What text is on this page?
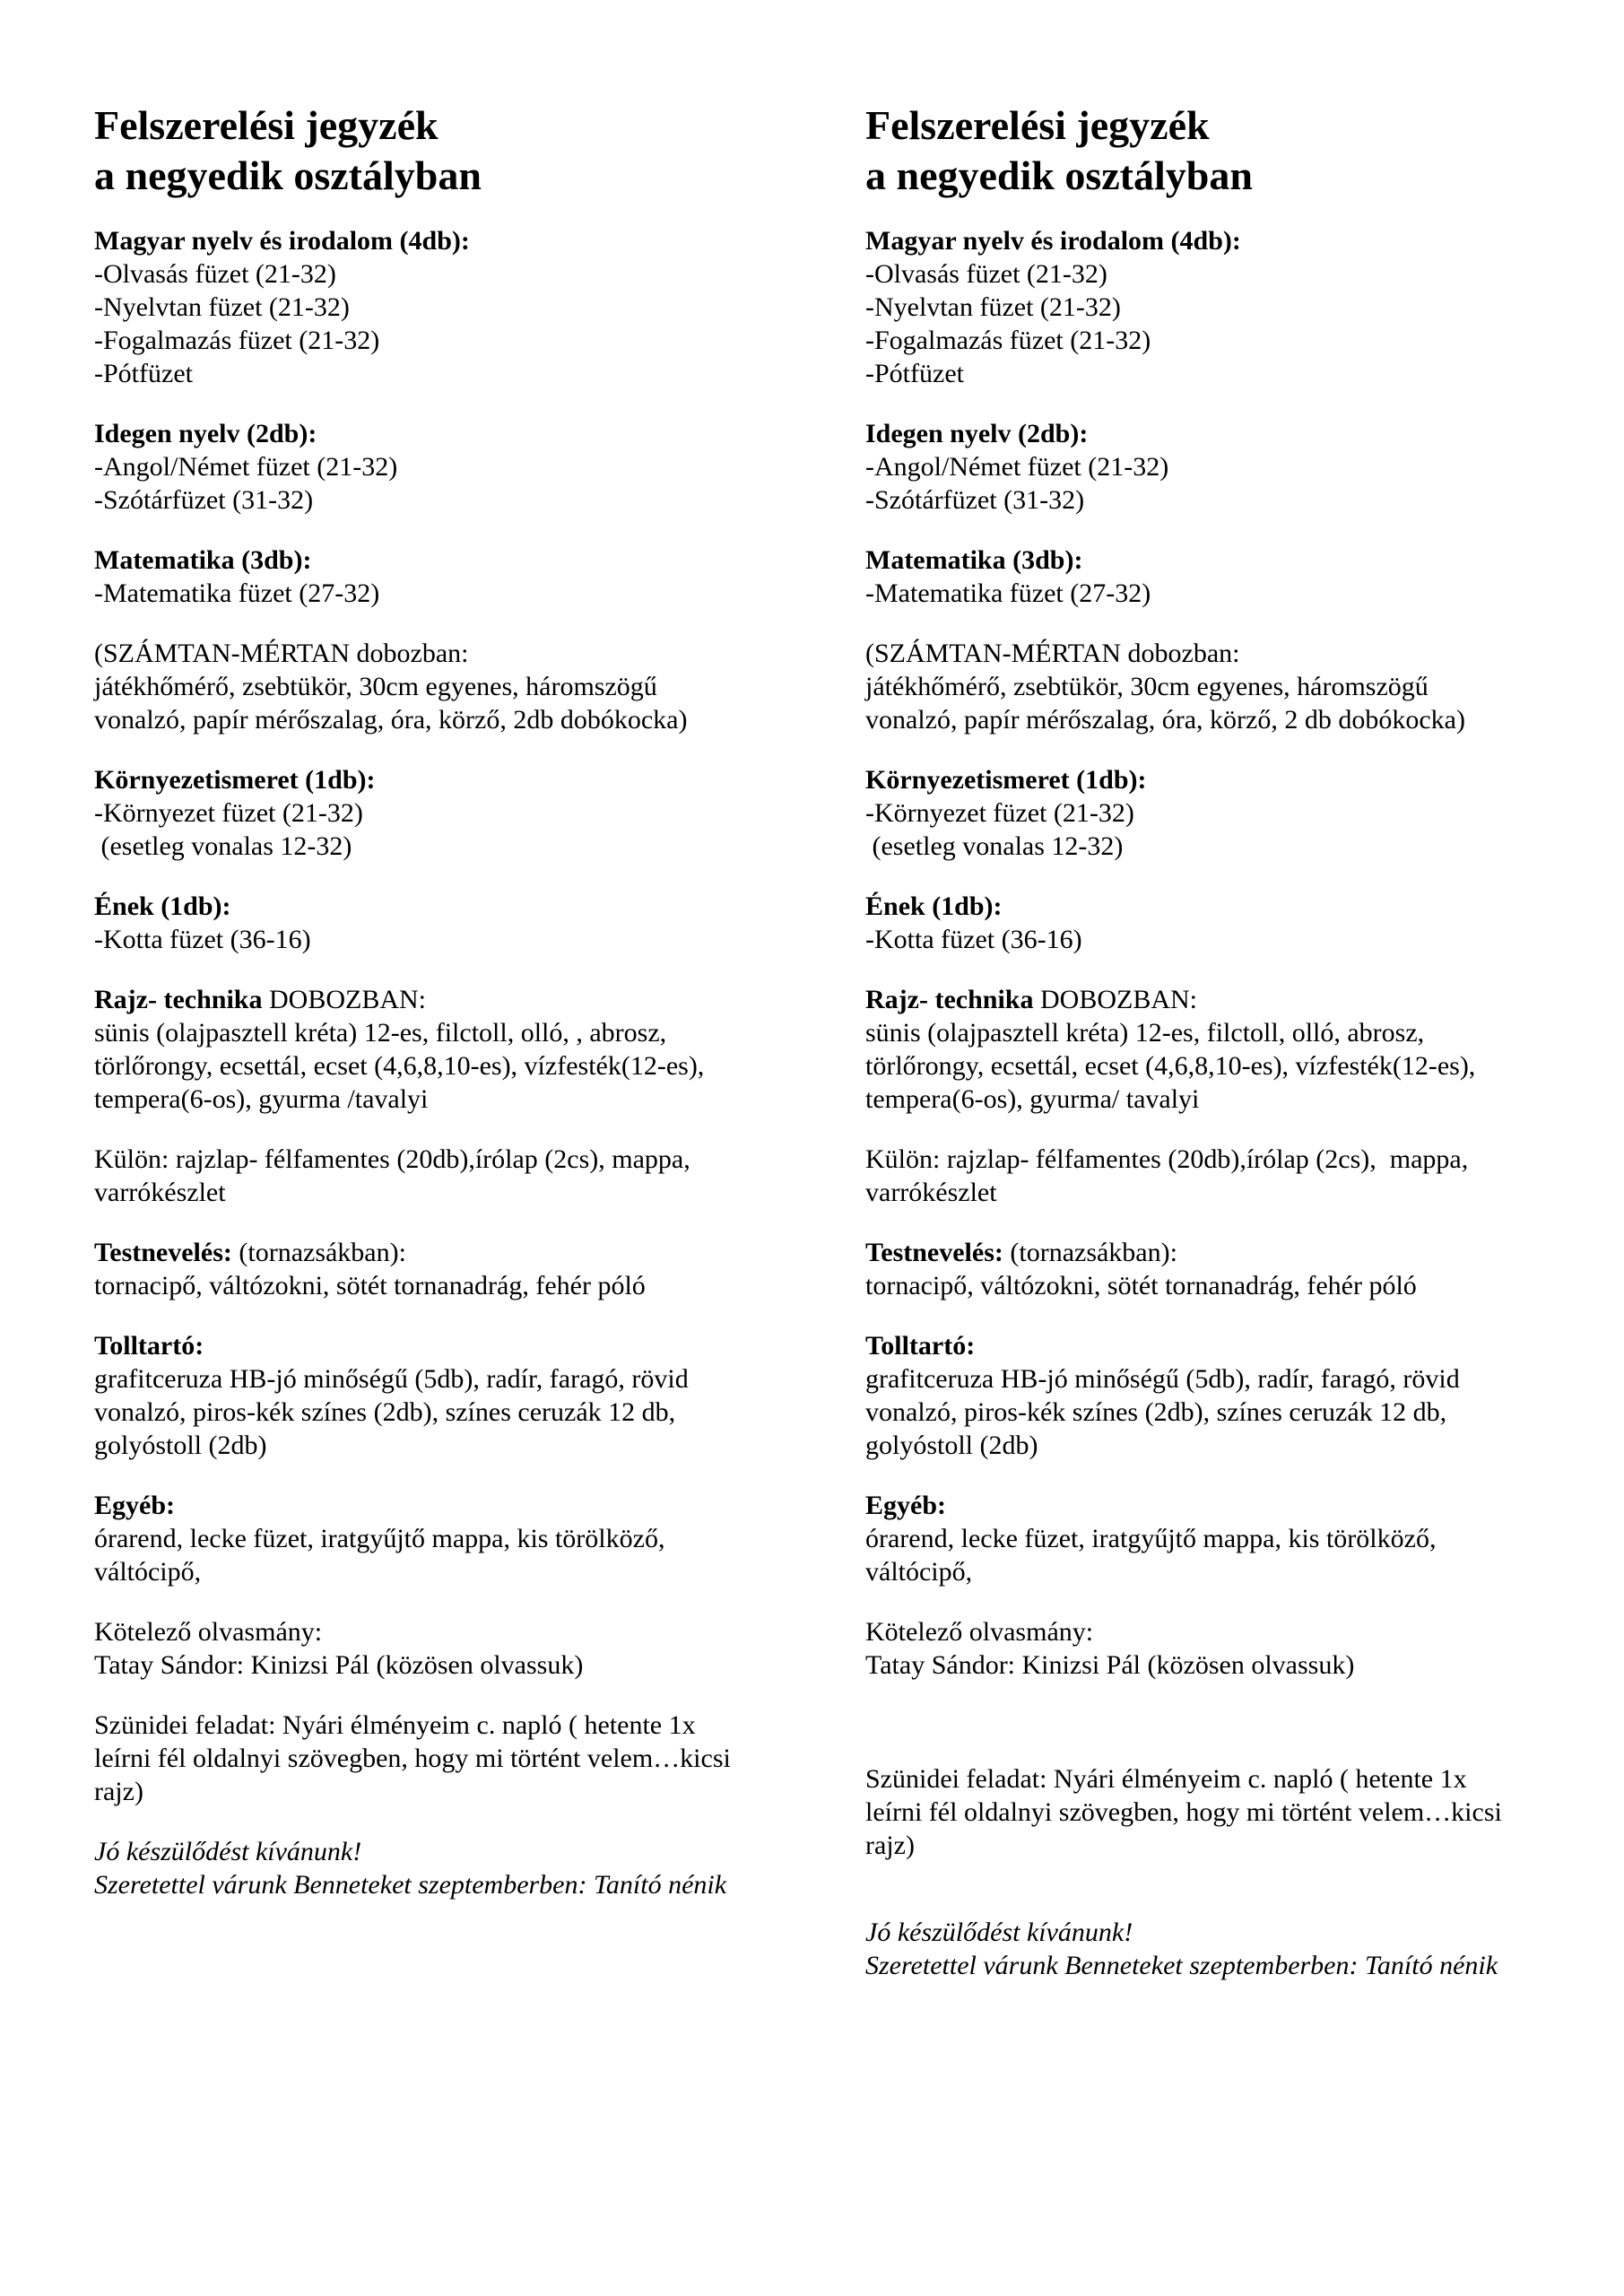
Felszerelési jegyzék
a negyedik osztályban
Magyar nyelv és irodalom (4db):
-Olvasás füzet (21-32)
-Nyelvtan füzet (21-32)
-Fogalmazás füzet (21-32)
-Pótfüzet

Idegen nyelv (2db):
-Angol/Német füzet (21-32)
-Szótárfüzet (31-32)

Matematika (3db):
-Matematika füzet (27-32)

(SZÁMTAN-MÉRTAN dobozban:
játékhőmérő, zsebtükör, 30cm egyenes, háromszögű
vonalzó, papír mérőszalag, óra, körző, 2db dobókocka)

Környezetismeret (1db):
-Környezet füzet (21-32)
(esetleg vonalas 12-32)

Ének (1db):
-Kotta füzet (36-16)

Rajz- technika DOBOZBAN:
sünis (olajpasztell kréta) 12-es, filctoll, olló, , abrosz,
törlőrongy, ecsettál, ecset (4,6,8,10-es), vízfesték(12-es),
tempera(6-os), gyurma /tavalyi

Külön: rajzlap- félfamentes (20db),írólap (2cs), mappa,
varrókészlet

Testnevelés: (tornazsákban):
tornacipő, váltózokni, sötét tornanadrág, fehér póló

Tolltartó:
grafitceruza HB-jó minőségű (5db), radír, faragó, rövid
vonalzó, piros-kék színes (2db), színes ceruzák 12 db,
golyóstoll (2db)

Egyéb:
órarend, lecke füzet, iratgyűjtő mappa, kis törölköző,
váltócipő,

Kötelező olvasmány:
Tatay Sándor: Kinizsi Pál (közösen olvassuk)

Szünidei feladat: Nyári élményeim c. napló ( hetente 1x
leírni fél oldalnyi szövegben, hogy mi történt velem…kicsi
rajz)

Jó készülődést kívánunk!
Szeretettel várunk Benneteket szeptemberben: Tanító nénik
Felszerelési jegyzék
a negyedik osztályban
Magyar nyelv és irodalom (4db):
-Olvasás füzet (21-32)
-Nyelvtan füzet (21-32)
-Fogalmazás füzet (21-32)
-Pótfüzet

Idegen nyelv (2db):
-Angol/Német füzet (21-32)
-Szótárfüzet (31-32)

Matematika (3db):
-Matematika füzet (27-32)

(SZÁMTAN-MÉRTAN dobozban:
játékhőmérő, zsebtükör, 30cm egyenes, háromszögű
vonalzó, papír mérőszalag, óra, körző, 2 db dobókocka)

Környezetismeret (1db):
-Környezet füzet (21-32)
(esetleg vonalas 12-32)

Ének (1db):
-Kotta füzet (36-16)

Rajz- technika DOBOZBAN:
sünis (olajpasztell kréta) 12-es, filctoll, olló, abrosz,
törlőrongy, ecsettál, ecset (4,6,8,10-es), vízfesték(12-es),
tempera(6-os), gyurma/ tavalyi

Külön: rajzlap- félfamentes (20db),írólap (2cs),  mappa,
varrókészlet

Testnevelés: (tornazsákban):
tornacipő, váltózokni, sötét tornanadrág, fehér póló

Tolltartó:
grafitceruza HB-jó minőségű (5db), radír, faragó, rövid
vonalzó, piros-kék színes (2db), színes ceruzák 12 db,
golyóstoll (2db)

Egyéb:
órarend, lecke füzet, iratgyűjtő mappa, kis törölköző,
váltócipő,

Kötelező olvasmány:
Tatay Sándor: Kinizsi Pál (közösen olvassuk)

Szünidei feladat: Nyári élményeim c. napló ( hetente 1x
leírni fél oldalnyi szövegben, hogy mi történt velem…kicsi
rajz)

Jó készülődést kívánunk!
Szeretettel várunk Benneteket szeptemberben: Tanító nénik
